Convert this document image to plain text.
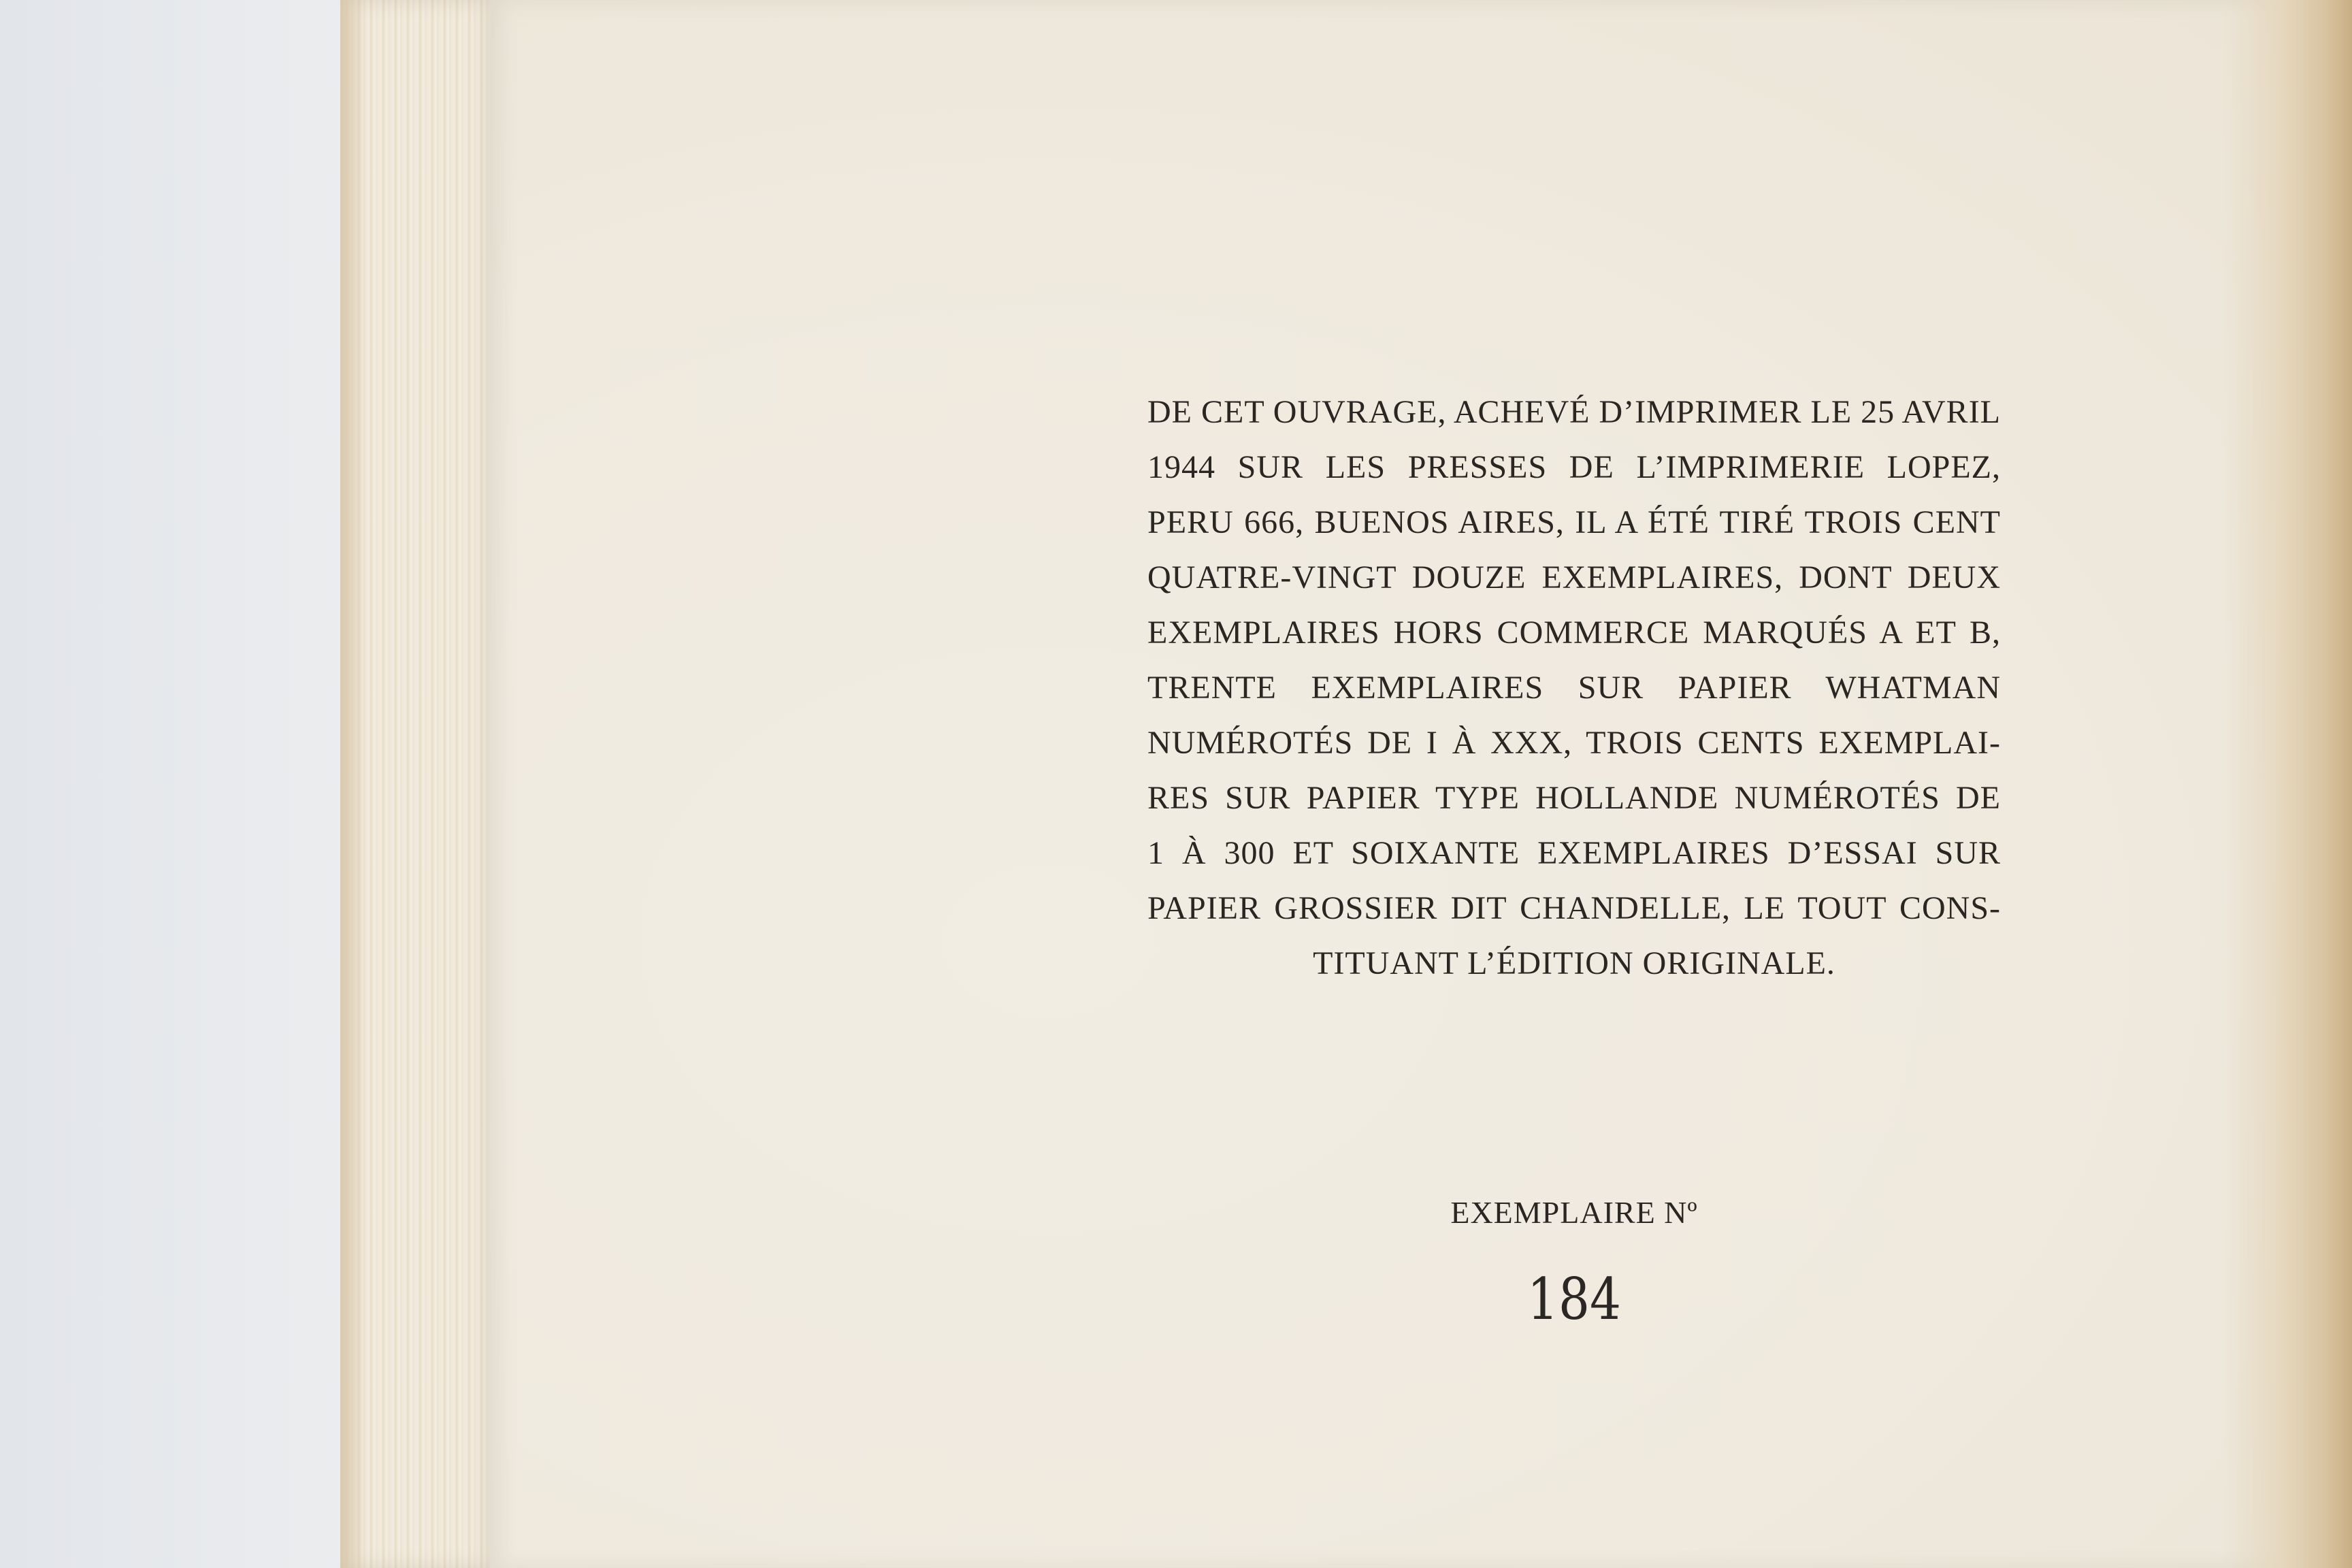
DE CET OUVRAGE, ACHEVÉ D’IMPRIMER LE 25 AVRIL
1944 SUR LES PRESSES DE L’IMPRIMERIE LOPEZ,
PERU 666, BUENOS AIRES, IL A ÉTÉ TIRÉ TROIS CENT
QUATRE-VINGT DOUZE EXEMPLAIRES, DONT DEUX
EXEMPLAIRES HORS COMMERCE MARQUÉS A ET B,
TRENTE EXEMPLAIRES SUR PAPIER WHATMAN
NUMÉROTÉS DE I À XXX, TROIS CENTS EXEMPLAI-
RES SUR PAPIER TYPE HOLLANDE NUMÉROTÉS DE
1 À 300 ET SOIXANTE EXEMPLAIRES D’ESSAI SUR
PAPIER GROSSIER DIT CHANDELLE, LE TOUT CONS-
TITUANT L’ÉDITION ORIGINALE.
EXEMPLAIRE Nº
184
